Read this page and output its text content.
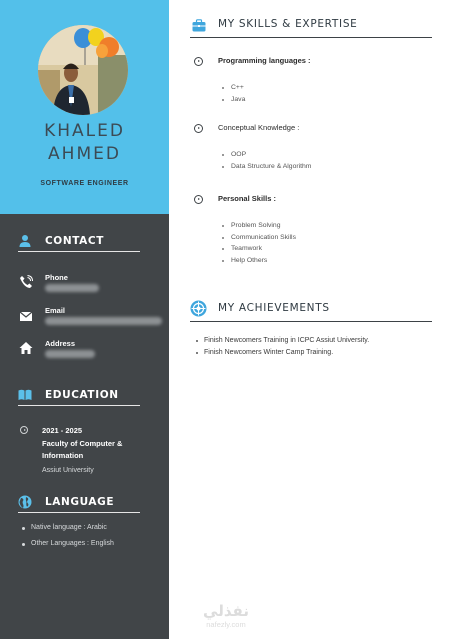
KHALED
AHMED
SOFTWARE ENGINEER
CONTACT
Phone
Email
Address
EDUCATION
2021 - 2025
Faculty of Computer & Information
Assiut University
LANGUAGE
Native language : Arabic
Other Languages : English
MY SKILLS & EXPERTISE
Programming languages :
C++
Java
Conceptual Knowledge :
OOP
Data Structure & Algorithm
Personal Skills :
Problem Solving
Communication Skills
Teamwork
Help Others
MY ACHIEVEMENTS
Finish Newcomers Training in ICPC Assiut University.
Finish Newcomers Winter Camp Training.
نفذلي
nafezly.com
